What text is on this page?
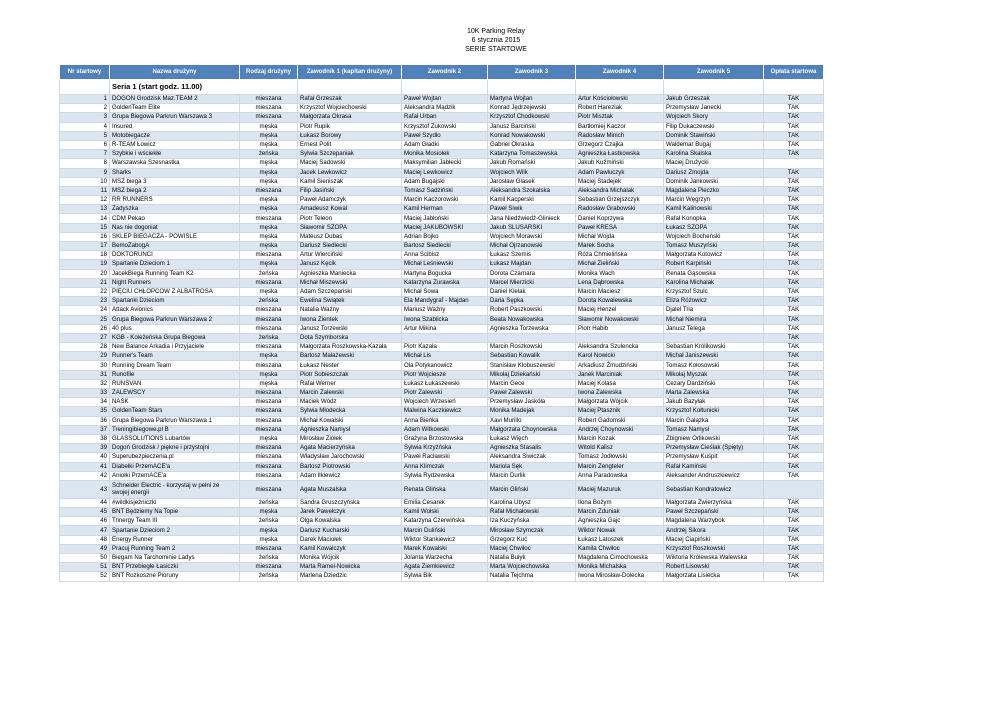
10K Parking Relay
6 stycznia 2015
SERIE STARTOWE
	Seria 1 (start godz. 11.00)							
Nr startowy	Nazwa drużyny	Rodzaj drużyny	Zawodnik 1 (kapitan drużyny)	Zawodnik 2	Zawodnik 3	Zawodnik 4	Zawodnik 5	Opłata startowa
1	DOGOŃ Grodzisk Maz.TEAM 2	mieszana	Rafał Grzeszak	Paweł Wojtan	Martyna Wojtan	Artur Kościołowski	Jakub Grzeszak	TAK
2	GoldenTeam Elite	mieszana	Krzysztof Wojciechowski	Aleksandra Mądzik	Konrad Jędrzejewski	Robert Harezlak	Przemysław Janecki	TAK
3	Grupa Biegowa Parkrun Warszawa 3	mieszana	Małgorzata Okrasa	Rafał Urban	Krzysztof Chodkowski	Piotr Misztak	Wojciech Skory	TAK
4	Insured	męska	Piotr Rupik	Krzysztof Żukowski	Janusz Barciński	Bartłomiej Kaczor	Filip Dukaczewski	TAK
5	Motobiegacze	męska	Łukasz Borowy	Paweł Szydło	Konrad Nowakowski	Radosław Minich	Dominik Stawiński	TAK
6	R-TEAM Łowicz	męska	Ernest Polit	Adam Gładki	Gabriel Okraska	Grzegorz Czajka	Waldemar Bugaj	TAK
7	Szybkie i wściekłe	żeńska	Sylwia Szczepaniak	Monika Mosiołek	Katarzyna Tomaszewska	Agnieszka Łastkowska	Karolina Skalska	TAK
8	Warszawska Szesnastka	męska	Maciej Sadowski	Maksymilian Jabłecki	Jakub Romański	Jakub Kuźmiński	Maciej Drużycki	
9	Sharks	męska	Jacek Lewkowicz	Maciej Lewkowicz	Wojciech Wilk	Adam Pawłuczyk	Dariusz Żmojda	TAK
10	MSZ biega 3	męska	Kamil Sieniszak	Adam Bugajski	Jarosław Glasek	Maciej Stadejek	Dominik Jankowski	TAK
11	MSZ biega 2	mieszana	Filip Jasiński	Tomasz Sadziński	Aleksandra Szokalska	Aleksandra Michalak	Magdalena Pieczko	TAK
12	RR RUNNERS	męska	Paweł Adamczyk	Marcin Kaczorowski	Kamil Kacperski	Sebastian Grzejszczyk	Marcin Węgrzyn	TAK
13	Zadyszka	męska	Amadeusz Kowal	Kamil Herman	Paweł Siwik	Radosław Grabowski	Kamil Kalinowski	TAK
14	CDM Pekao	mieszana	Piotr Teleon	Maciej Jabłoński	Jana Niedźwiedź-Glinieck	Daniel Koprzywa	Rafał Konopka	TAK
15	Nas nie dogoniat	męska	Sławomir SZOPA	Maciej JAKUBOWSKI	Jakub ŚLUSARSKI	Paweł KRESA	Łukasz SZOPA	TAK
16	SKLEP BIEGACZA - POWIŚLE	męska	Mateusz Dubas	Adrian Bojko	Wojciech Morawski	Michał Wojda	Wojciech Bocheński	TAK
17	BemoZabogA	męska	Dariusz Siedlecki	Bartosz Siedlecki	Michał Ojrzanowski	Marek Socha	Tomasz Muszyński	TAK
18	DOKTORUNCI	mieszana	Artur Wierciński	Anna Ścibisz	Łukasz Szemis	Róża Chmielińska	Małgorzata Kotowicz	TAK
19	Spartanie Dzieciom 1	męska	Janusz Kęcik	Michał Leśniewski	Łukasz Majdan	Michał Zieliński	Robert Karpiński	TAK
20	JacekBiega Running Team K2	żeńska	Agnieszka Maniecka	Martyna Bogucka	Dorota Czarnara	Monika Wach	Renata Gąsowska	TAK
21	Night Runners	mieszana	Michał Miszewski	Katarzyna Żurawska	Marcel Mierzicki	Lena Dąbrowska	Karolina Michalak	TAK
22	PIĘCIU CHŁOPCÓW Z ALBATROSA	męska	Adam Szczepański	Michał Sowa	Daniel Kielak	Marcin Maciesz	Krzysztof Szulc	TAK
23	Spartanki Dzieciom	żeńska	Ewelina Świątek	Ela Mandygraf - Majdan	Daria Sępka	Dorota Kowalewska	Eliza Różowicz	TAK
24	Attack Avionics	mieszana	Natalia Ważny	Mariusz Ważny	Robert Paszkowski	Maciej Henzel	Djalel Tria	TAK
25	Grupa Biegowa Parkrun Warszawa 2	mieszana	Iwona Zientek	Iwona Szablicka	Beata Nowakowska	Sławomir Nowakowski	Michał Niemira	TAK
26	40 plus	mieszana	Janusz Torzewski	Artur Mikina	Agnieszka Torzewska	Piotr Habib	Janusz Telega	TAK
27	KGB - Koleżeńska Grupa Biegowa	żeńska	Dota Szymborska					TAK
28	New Balance Arkadia i Przyjaciele	mieszana	Małgorzata Roszkowska-Kazała	Piotr Kazała	Marcin Roszkowski	Aleksandra Szulencka	Sebastian Królikowski	TAK
29	Runner's Team	męska	Bartosz Małażewski	Michał Lis	Sebastian Kowalik	Karol Nowicki	Michał Janiszewski	TAK
30	Running Dream Team	mieszana	Łukasz Nester	Ola Potykanowicz	Stanisław Kłobuszewski	Arkadiusz Żmudziński	Tomasz Kołosowski	TAK
31	Runofile	męska	Piotr Sobieszczak	Piotr Wojcieszе	Mikołaj Dziekański	Janek Marciniak	Mikołaj Myszak	TAK
32	RUNSVAN	męska	Rafał Werner	Łukasz Łukaszewski	Marcin Gece	Maciej Kolasa	Cezary Dardziński	TAK
33	ZALEWSCY	mieszana	Marcin Zalewski	Piotr Zalewski	Paweł Zalewski	Iwona Zalewska	Marta Zalewska	TAK
34	NASK	mieszana	Maciek Wódz	Wojciech Wrzesień	Przemysław Jaskóła	Małgorzata Wójcik	Jakub Bazyłak	TAK
35	GoldenTeam Stars	mieszana	Sylwia Młodecka	Malwina Kaczkiewicz	Monika Madejak	Maciej Ptasznik	Krzysztof Kołtunicki	TAK
36	Grupa Biegowa Parkrun Warszawa 1	mieszana	Michał Kowalski	Anna Bieńka	Xavi Murillo	Robert Gadomski	Marcin Gałązka	TAK
37	Treningibiegowe.pl B	mieszana	Agnieszka Namysł	Adam Witkowski	Małgorzata Choynowska	Andrzej Choynowski	Tomasz Namysł	TAK
38	GLASSOLUTIONS Lubartów	męska	Mirosław Ziółek	Grażyna Brzostowska	Łukasz Więch	Marcin Kozak	Zbigniew Orlikowski	TAK
39	Dogoń Grodzisk / piękne i przystojni	mieszana	Agata Macierzyńska	Sylwia Krzyżńska	Agnieszka Stasalis	Witold Kalisz	Przemysław Cieślak (Spięty)	TAK
40	Superubezpieczenia.pl	mieszana	Władysław Jarochowski	Paweł Racławski	Aleksandra Siwiczak	Tomasz Jodłowski	Przemysław Kuśpit	TAK
41	Diabełki PrzemACE'a	mieszana	Bartosz Piotrowski	Anna Klimczak	Mariola Sęk	Marcin Żengteler	Rafał Kamiński	TAK
42	Aniołki PrzemACE'a	mieszana	Adam Ilkiewicz	Sylwia Rydzewska	Marcin Durlik	Anna Paradowska	Aleksander Andruszkiewicz	TAK
43	Schneider Electric - korzystaj w pełni ze swojej energii	mieszana	Agata Muszalska	Renata Glińska	Marcin Gliński	Maciej Mazuruk	Sebastian Kondratowicz	
44	#wildkisjeżniczki	żeńska	Sandra Gruszczyńska	Emilia Cesarek	Karolina Ubysz	Ilona Bożym	Małgorzata Zwierzyńska	TAK
45	BNT Będziemy Na Topie	męska	Jarek Pawełczyk	Kamil Wołski	Rafał Michałowski	Marcin Zduniak	Paweł Szczepański	TAK
46	Trinergy Team III	żeńska	Olga Kowalska	Katarzyna Czerwińska	Iza Kuczyńska	Agnieszka Gajc	Magdalena Warzybok	TAK
47	Spartanie Dzieciom 2	męska	Dariusz Kucharski	Marcin Duliński	Mirosław Szymczak	Wiktor Nowak	Andrzej Sikora	TAK
48	Energy Runner	męska	Darek Maciołek	Wiktor Stankiewicz	Grzegorz Kuć	Łukasz Latoszek	Maciej Ciapiński	TAK
49	Pracuj Running Team 2	mieszana	Kamil Kowalczyk	Marek Kowalski	Maciej Chwiłoc	Kamila Chwiłoc	Krzysztof Roszkowski	TAK
50	Biegam Na Tarchominie Ladys	żeńska	Monika Wójcik	Jolanta Warzecha	Natalia Bułyk	Magdalena Cimochowska	Wiktoria Królewska Walewska	TAK
51	BNT Przebiegłe Łasiczki	mieszana	Marta Ramel-Nowicka	Agata Ziemkiewicz	Marta Wojciechowska	Monika Michalska	Robert Lisowski	TAK
52	BNT Rozkoszne Pioruny	żeńska	Marlena Dziedzic	Sylwia Bik	Natalia Tejchma	Iwona Mirosław-Dolecka	Małgorzata Lisiecka	TAK
